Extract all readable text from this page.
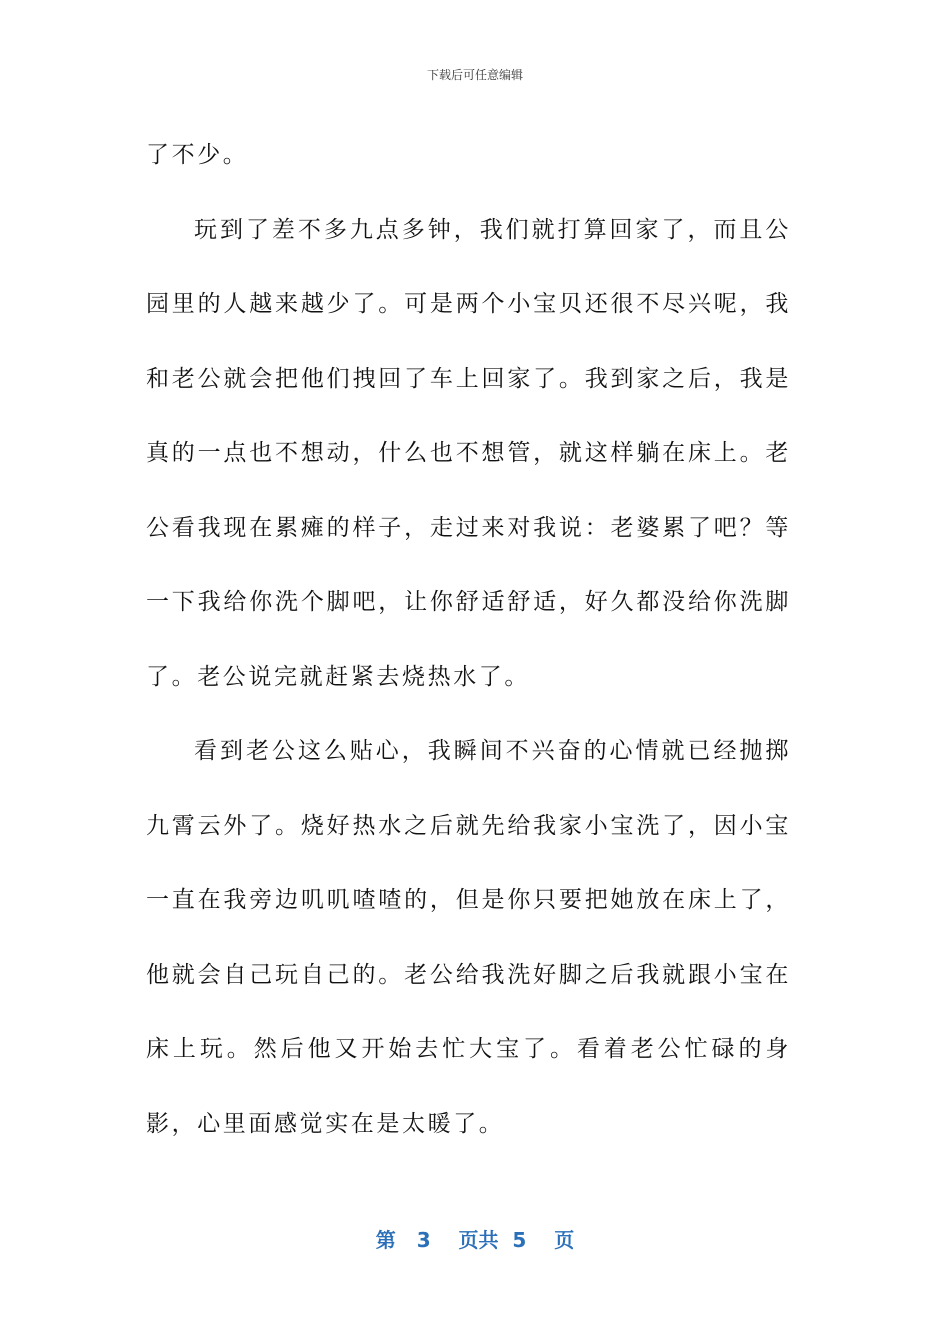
下载后可任意编辑

了不少。

玩到了差不多九点多钟，我们就打算回家了，而且公园里的人越来越少了。可是两个小宝贝还很不尽兴呢，我和老公就会把他们拽回了车上回家了。我到家之后，我是真的一点也不想动，什么也不想管，就这样躺在床上。老公看我现在累瘫的样子，走过来对我说：老婆累了吧？等一下我给你洗个脚吧，让你舒适舒适，好久都没给你洗脚了。老公说完就赶紧去烧热水了。

看到老公这么贴心，我瞬间不兴奋的心情就已经抛掷九霄云外了。烧好热水之后就先给我家小宝洗了，因小宝一直在我旁边叽叽喳喳的，但是你只要把她放在床上了，他就会自己玩自己的。老公给我洗好脚之后我就跟小宝在床上玩。然后他又开始去忙大宝了。看着老公忙碌的身影，心里面感觉实在是太暖了。

第 3 页共 5 页
